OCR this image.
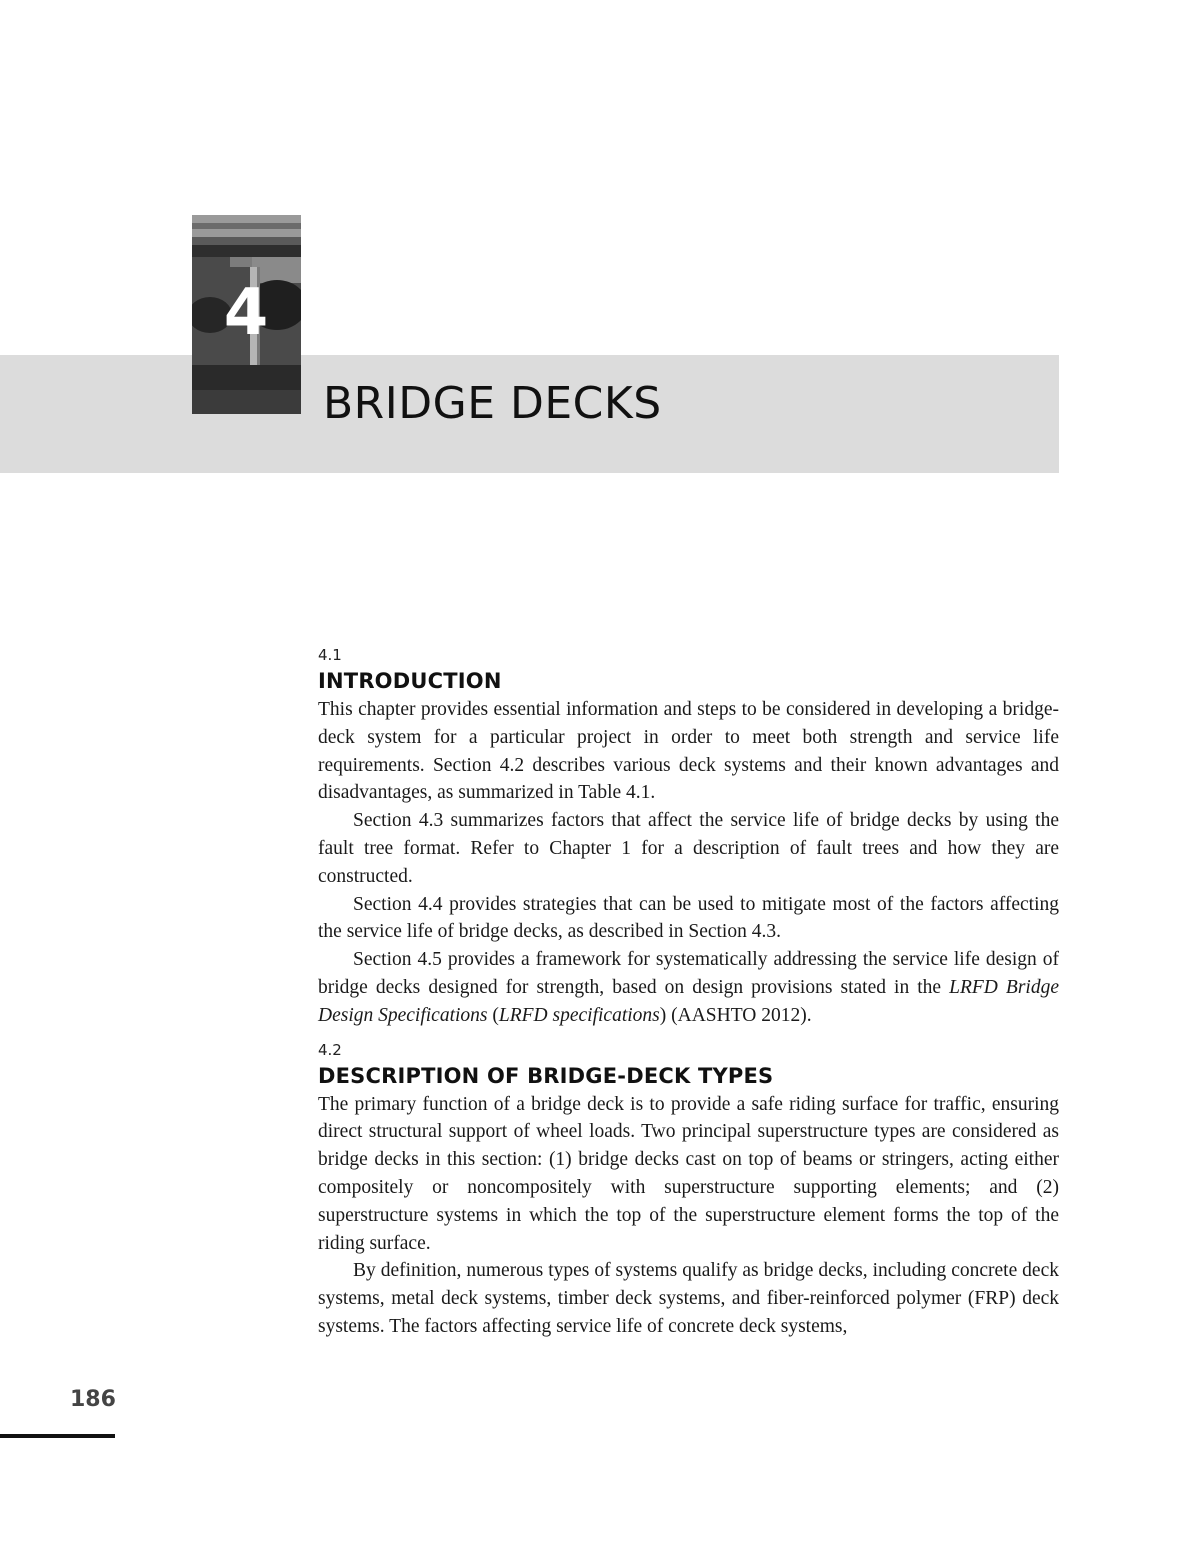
4
BRIDGE DECKS
4.1
INTRODUCTION

This chapter provides essential information and steps to be considered in developing a bridge-deck system for a particular project in order to meet both strength and service life requirements. Section 4.2 describes various deck systems and their known advantages and disadvantages, as summarized in Table 4.1.

Section 4.3 summarizes factors that affect the service life of bridge decks by using the fault tree format. Refer to Chapter 1 for a description of fault trees and how they are constructed.

Section 4.4 provides strategies that can be used to mitigate most of the factors affecting the service life of bridge decks, as described in Section 4.3.

Section 4.5 provides a framework for systematically addressing the service life design of bridge decks designed for strength, based on design provisions stated in the LRFD Bridge Design Specifications (LRFD specifications) (AASHTO 2012).

4.2
DESCRIPTION OF BRIDGE-DECK TYPES

The primary function of a bridge deck is to provide a safe riding surface for traffic, ensuring direct structural support of wheel loads. Two principal superstructure types are considered as bridge decks in this section: (1) bridge decks cast on top of beams or stringers, acting either compositely or noncompositely with superstructure supporting elements; and (2) superstructure systems in which the top of the superstructure element forms the top of the riding surface.

By definition, numerous types of systems qualify as bridge decks, including concrete deck systems, metal deck systems, timber deck systems, and fiber-reinforced polymer (FRP) deck systems. The factors affecting service life of concrete deck systems,

186
